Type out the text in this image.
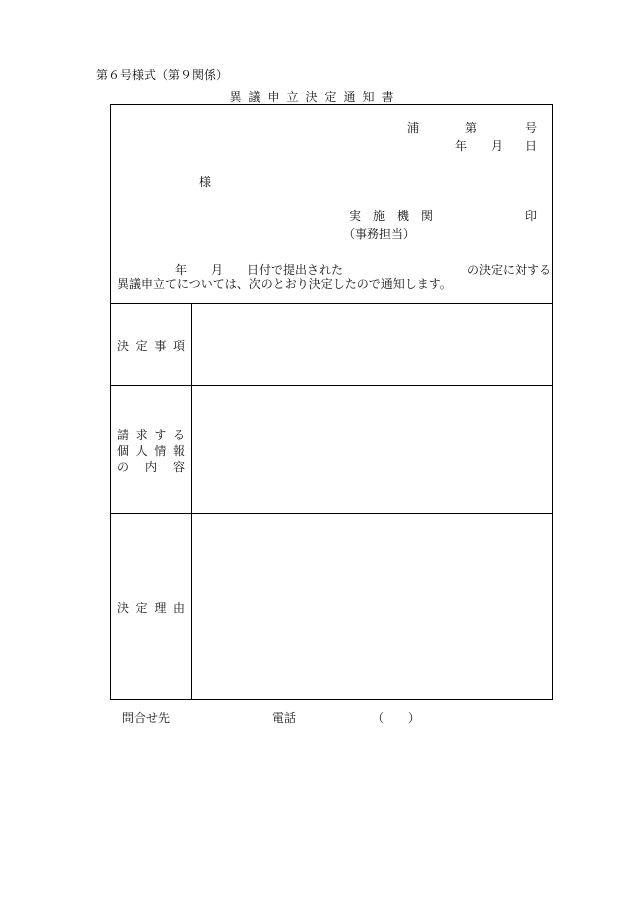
第６号様式（第９関係）
異議申立決定通知書
浦	第	号
年 月 日
様
実 施 機 関	印
（事務担当）
年 月 日付で提出された	の決定に対する
異議申立てについては、次のとおり決定したので通知します。
決 定 事 項
請 求 す る
個 人 情 報
の 内 容
決 定 理 由
問合せ先	電話	（ ）
